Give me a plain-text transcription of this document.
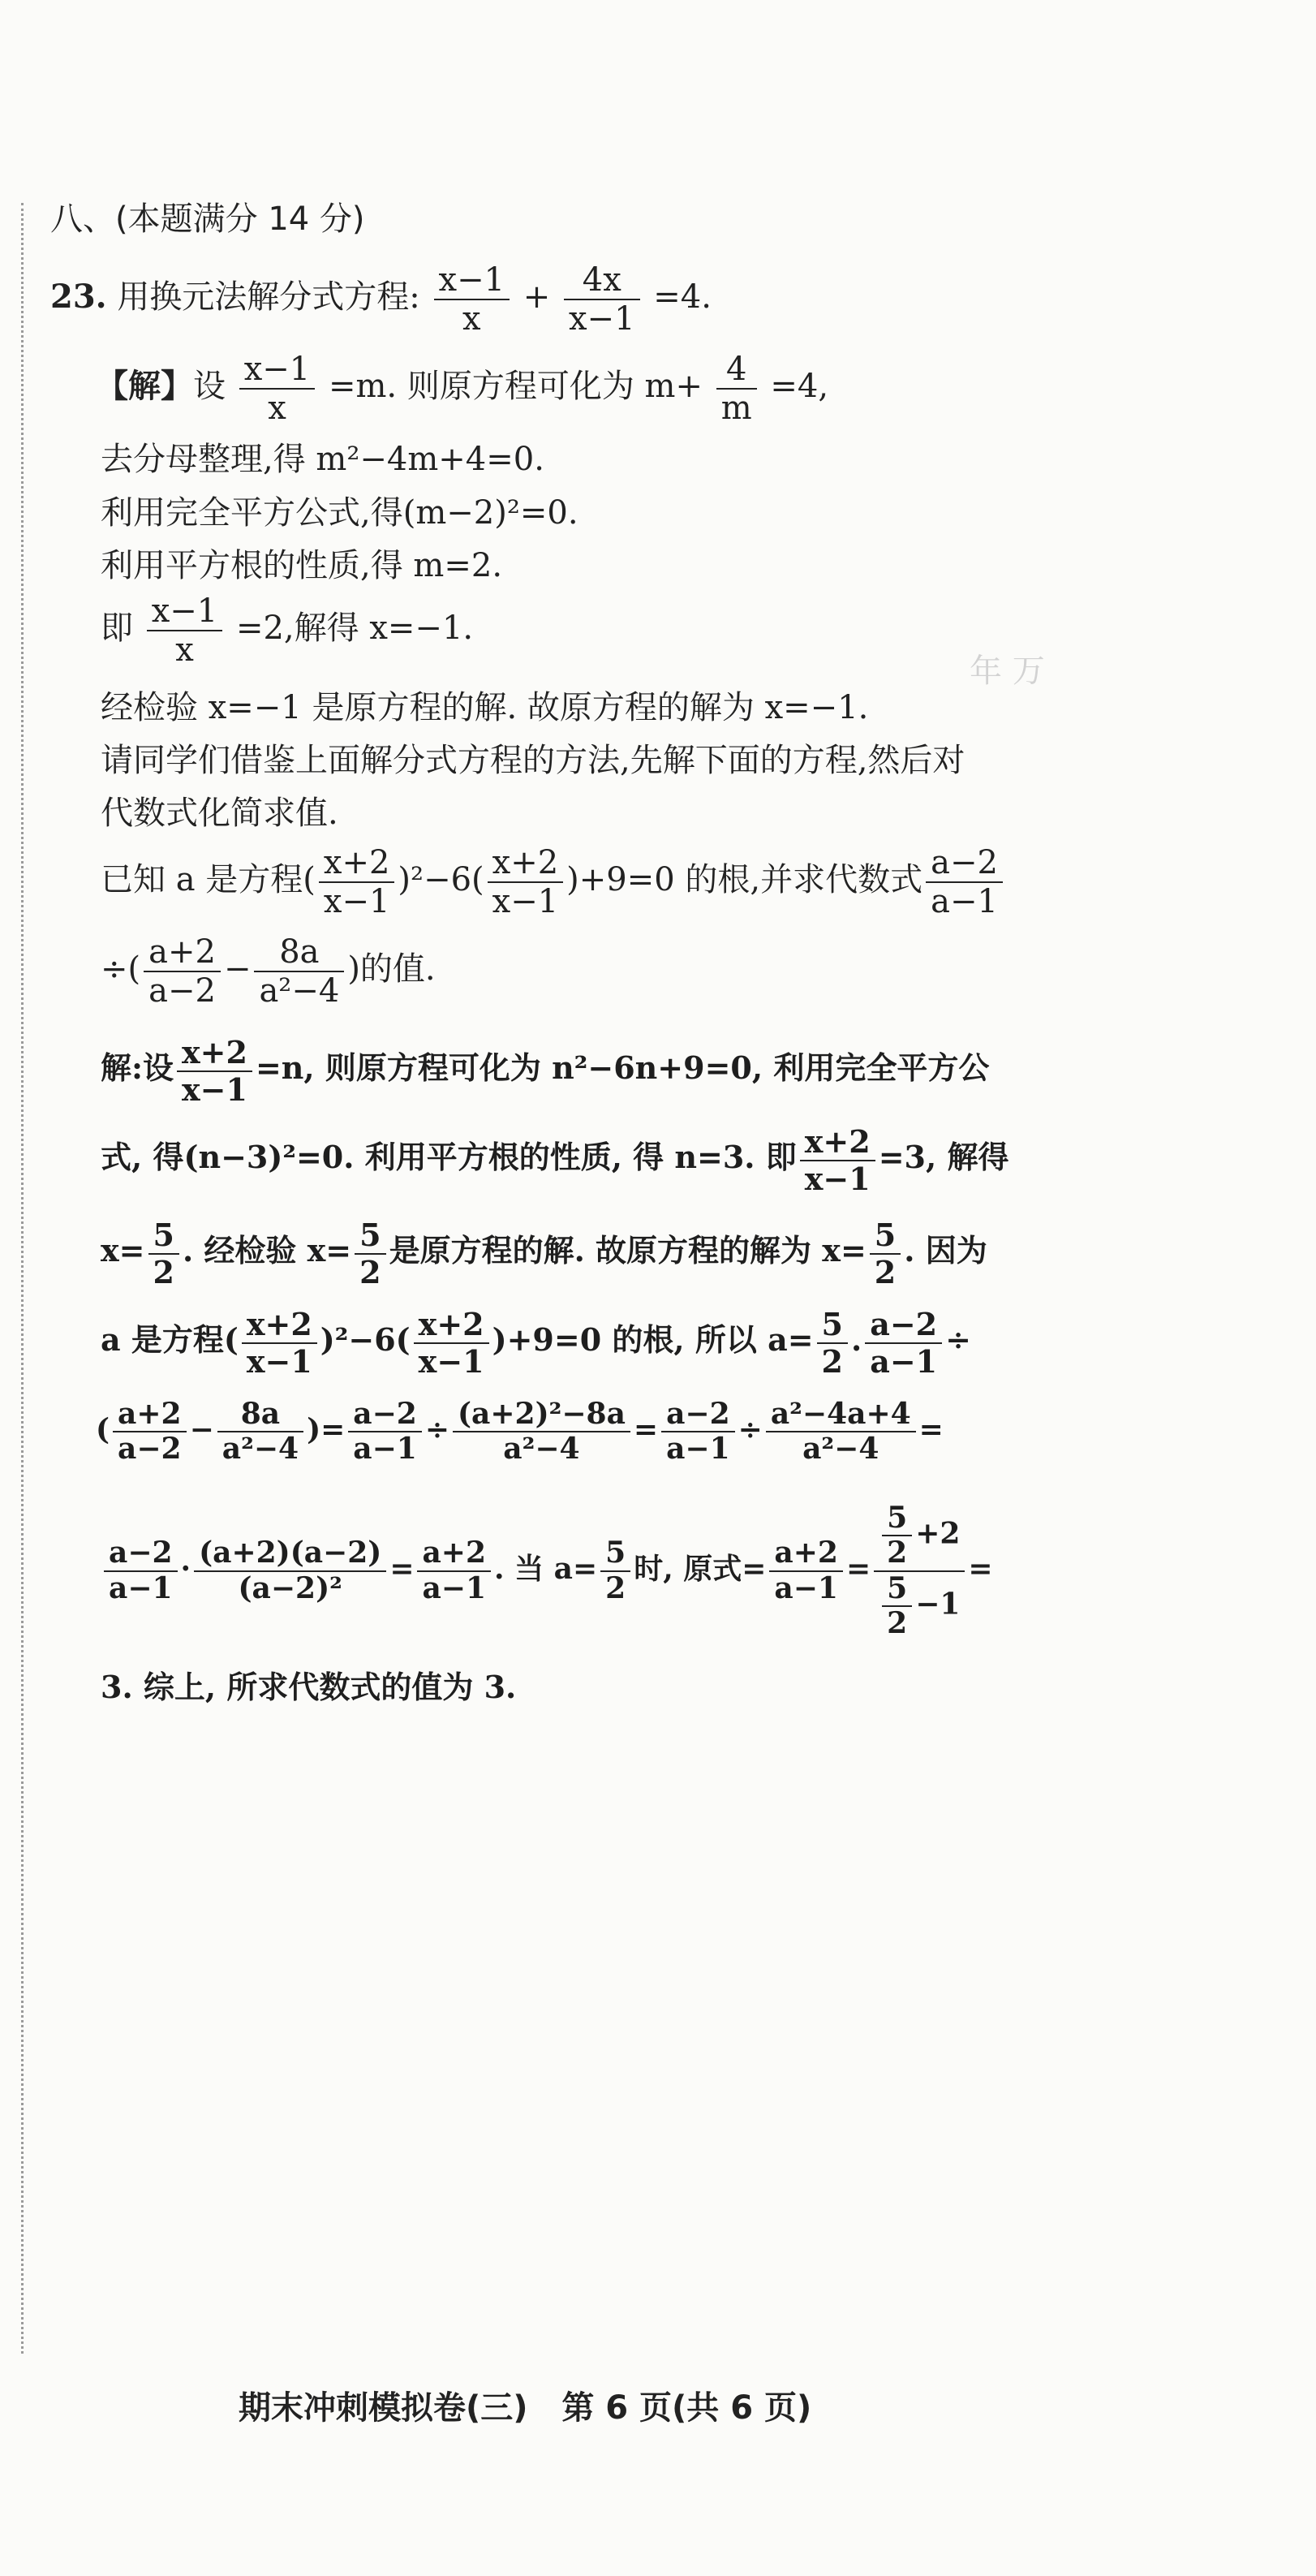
年 万
八、(本题满分 14 分)
23. 用换元法解分式方程: $\frac{x-1}{x} + \frac{4x}{x-1} =4$.
【解】设 $\frac{x-1}{x} =m$. 则原方程可化为 $m+ \frac{4}{m} =4$,
去分母整理,得 m²−4m+4=0.
利用完全平方公式,得(m−2)²=0.
利用平方根的性质,得 m=2.
即 $\frac{x-1}{x} =2$,解得 x=−1.
经检验 x=−1 是原方程的解. 故原方程的解为 x=−1.
请同学们借鉴上面解分式方程的方法,先解下面的方程,然后对
代数式化简求值.
已知 a 是方程( $\frac{x+2}{x-1} )^2-6( \frac{x+2}{x-1} )+9=0$ 的根,并求代数式 $\frac{a-2}{a-1}$
÷( $\frac{a+2}{a-2} - \frac{8a}{\text{a²−4}}$ )的值.
解:设 $\frac{x+2}{x-1} =n$, 则原方程可化为 n²−6n+9=0, 利用完全平方公
式, 得(n−3)²=0. 利用平方根的性质, 得 n=3. 即 $\frac{x+2}{x-1} =3$, 解得
$x= \frac{5}{2}$ . 经检验 $x= \frac{5}{2}$ 是原方程的解. 故原方程的解为 $x= \frac{5}{2}$ . 因为
a 是方程( $\frac{x+2}{x-1} )^2-6( \frac{x+2}{x-1} )+9=0$ 的根, 所以 $a= \frac{5}{2}$ . $\frac{a-2}{a-1}$ ÷
( $\frac{a+2}{a-2} - \frac{8a}{\text{a²−4}}$ )= $\frac{a-2}{a-1} \div \frac{\text{(a+2)²−8a}}{\text{a²−4}} = \frac{a-2}{a-1} \div \frac{\text{a²−4a+4}}{\text{a²−4}}$ =
$\frac{a-2}{a-1} \cdot \frac{(a+2)(a-2)}{\text{(a−2)²}} = \frac{a+2}{a-1}$ . 当 $a= \frac{5}{2}$ 时, 原式= $\frac{a+2}{a-1} = \frac{\frac{5}{2} +2}{\frac{5}{2} -1}$ =
3. 综上, 所求代数式的值为 3.
期末冲刺模拟卷(三)   第 6 页(共 6 页)
